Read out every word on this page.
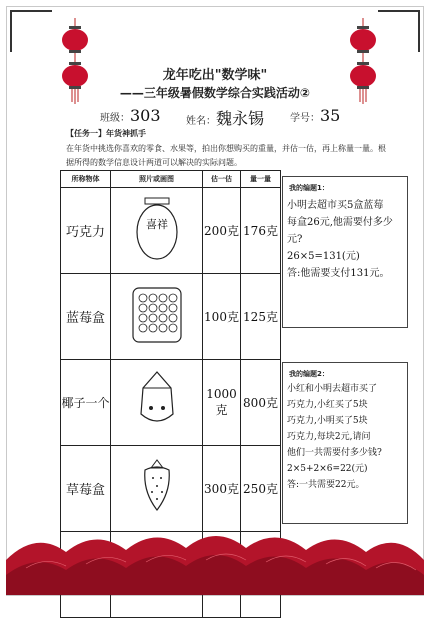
龙年吃出"数学味"
——三年级暑假数学综合实践活动②
班级：303	姓名：魏永锡	学号：35
【任务一】年货神抓手
在年货中挑选你喜欢的零食、水果等，拍出你想购买的重量，并估一估，再上称量一量。根据所得的数学信息设计两道可以解决的实际问题。
所称物体	照片或画图	估一估	量一量
巧克力	喜祥	200克	176克
蓝莓盒		100克	125克
椰子一个		1000克	800克
草莓盒		300克	250克

我的编题1：
小明去超市买5盒蓝莓
每盒26元,他需要付多少元?
26×5=131(元)
答:他需要支付131元。
我的编题2：
小红和小明去超市买了
巧克力,小红买了5块
巧克力,小明买了5块
巧克力,每块2元,请问
他们一共需要付多少钱?
2×5+2×6=22(元)
答:一共需要22元。
